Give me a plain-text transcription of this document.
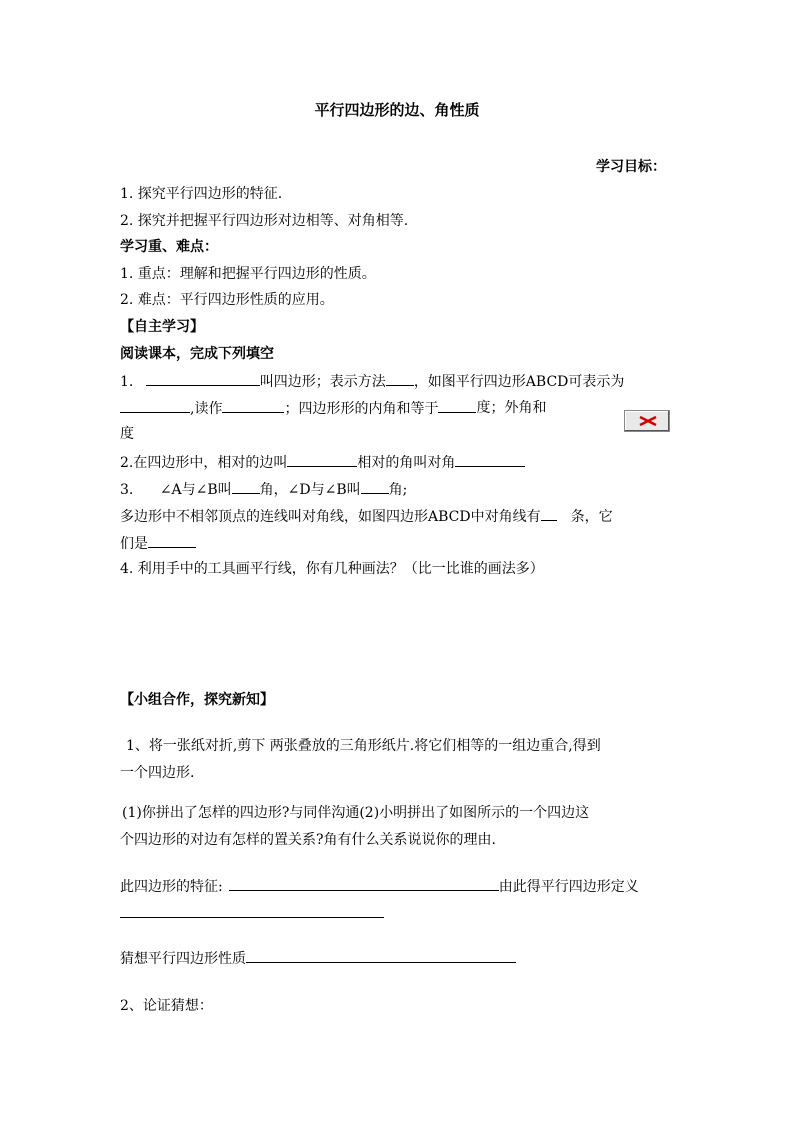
平行四边形的边、角性质
学习目标：
1. 探究平行四边形的特征.
2. 探究并把握平行四边形对边相等、对角相等.
学习重、难点：
1. 重点：理解和把握平行四边形的性质。
2. 难点：平行四边形性质的应用。
【自主学习】
阅读课本，完成下列填空
1.	叫四边形；表示方法 ，如图平行四边形ABCD可表示为
,读作	；四边形形的内角和等于	度；外角和
度
2.在四边形中，相对的边叫	相对的角叫对角
3. ∠A与∠B叫 角，∠D与∠B叫 角;
多边形中不相邻顶点的连线叫对角线，如图四边形ABCD中对角线有 条，它
们是
4. 利用手中的工具画平行线，你有几种画法？（比一比谁的画法多）
【小组合作，探究新知】
1、将一张纸对折,剪下 两张叠放的三角形纸片.将它们相等的一组边重合,得到
一个四边形.
(1)你拼出了怎样的四边形?与同伴沟通(2)小明拼出了如图所示的一个四边这
个四边形的对边有怎样的置关系?角有什么关系说说你的理由.
此四边形的特征:	由此得平行四边形定义
猜想平行四边形性质
2、论证猜想：
